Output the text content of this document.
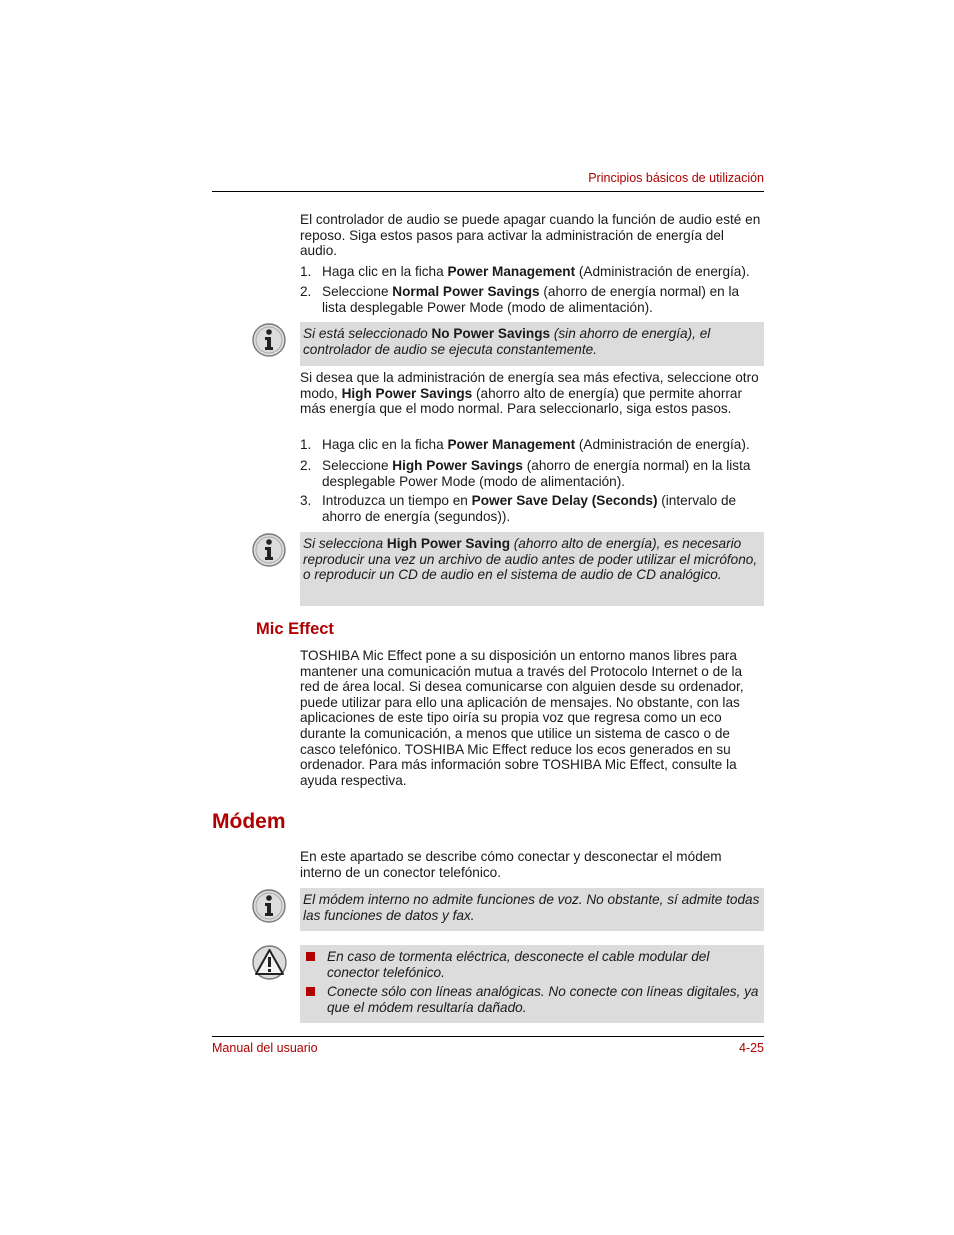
Principios básicos de utilización

El controlador de audio se puede apagar cuando la función de audio esté en reposo. Siga estos pasos para activar la administración de energía del audio.

1. Haga clic en la ficha Power Management (Administración de energía).
2. Seleccione Normal Power Savings (ahorro de energía normal) en la lista desplegable Power Mode (modo de alimentación).
Si está seleccionado No Power Savings (sin ahorro de energía), el controlador de audio se ejecuta constantemente.

Si desea que la administración de energía sea más efectiva, seleccione otro modo, High Power Savings (ahorro alto de energía) que permite ahorrar más energía que el modo normal. Para seleccionarlo, siga estos pasos.

1. Haga clic en la ficha Power Management (Administración de energía).
2. Seleccione High Power Savings (ahorro de energía normal) en la lista desplegable Power Mode (modo de alimentación).
3. Introduzca un tiempo en Power Save Delay (Seconds) (intervalo de ahorro de energía (segundos)).
Si selecciona High Power Saving (ahorro alto de energía), es necesario reproducir una vez un archivo de audio antes de poder utilizar el micrófono, o reproducir un CD de audio en el sistema de audio de CD analógico.
Mic Effect

TOSHIBA Mic Effect pone a su disposición un entorno manos libres para mantener una comunicación mutua a través del Protocolo Internet o de la red de área local. Si desea comunicarse con alguien desde su ordenador, puede utilizar para ello una aplicación de mensajes. No obstante, con las aplicaciones de este tipo oiría su propia voz que regresa como un eco durante la comunicación, a menos que utilice un sistema de casco o de casco telefónico. TOSHIBA Mic Effect reduce los ecos generados en su ordenador. Para más información sobre TOSHIBA Mic Effect, consulte la ayuda respectiva.

Módem

En este apartado se describe cómo conectar y desconectar el módem interno de un conector telefónico.

El módem interno no admite funciones de voz. No obstante, sí admite todas las funciones de datos y fax.
En caso de tormenta eléctrica, desconecte el cable modular del conector telefónico.
Conecte sólo con líneas analógicas. No conecte con líneas digitales, ya que el módem resultaría dañado.
Manual del usuario	4-25
